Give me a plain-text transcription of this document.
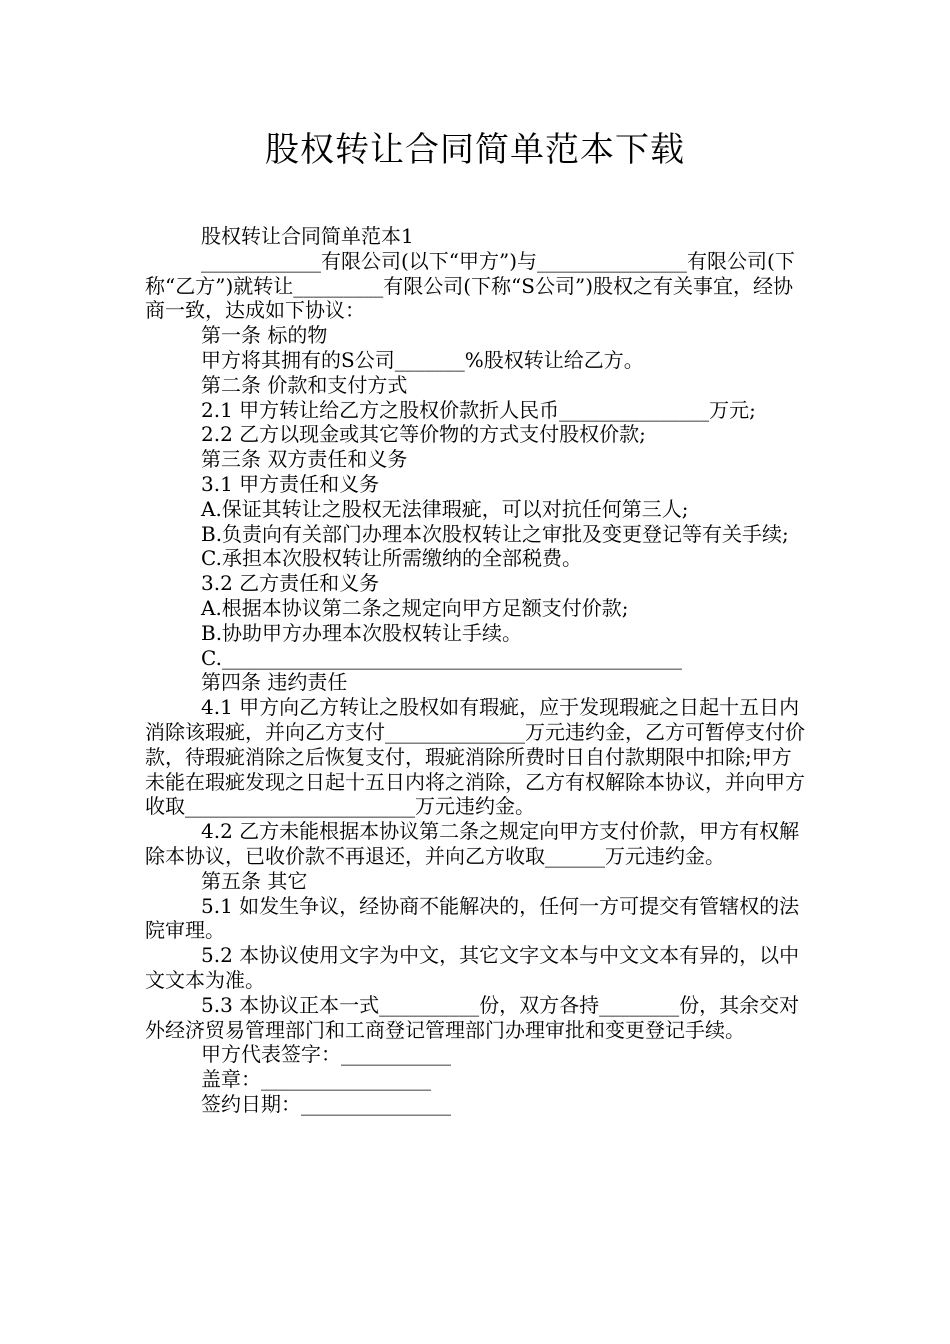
股权转让合同简单范本下载

股权转让合同简单范本1

____________有限公司(以下“甲方”)与_______________有限公司(下称“乙方”)就转让_________有限公司(下称“S公司”)股权之有关事宜，经协商一致，达成如下协议：

第一条 标的物

甲方将其拥有的S公司_______%股权转让给乙方。

第二条 价款和支付方式

2.1 甲方转让给乙方之股权价款折人民币_______________万元;

2.2 乙方以现金或其它等价物的方式支付股权价款;

第三条 双方责任和义务

3.1 甲方责任和义务

A.保证其转让之股权无法律瑕疵，可以对抗任何第三人;

B.负责向有关部门办理本次股权转让之审批及变更登记等有关手续;

C.承担本次股权转让所需缴纳的全部税费。

3.2 乙方责任和义务

A.根据本协议第二条之规定向甲方足额支付价款;

B.协助甲方办理本次股权转让手续。

C.______________________________________________

第四条 违约责任

4.1 甲方向乙方转让之股权如有瑕疵，应于发现瑕疵之日起十五日内消除该瑕疵，并向乙方支付______________万元违约金，乙方可暂停支付价款，待瑕疵消除之后恢复支付，瑕疵消除所费时日自付款期限中扣除;甲方未能在瑕疵发现之日起十五日内将之消除，乙方有权解除本协议，并向甲方收取_______________________万元违约金。

4.2 乙方未能根据本协议第二条之规定向甲方支付价款，甲方有权解除本协议，已收价款不再退还，并向乙方收取______万元违约金。

第五条 其它

5.1 如发生争议，经协商不能解决的，任何一方可提交有管辖权的法院审理。

5.2 本协议使用文字为中文，其它文字文本与中文文本有异的，以中文文本为准。

5.3 本协议正本一式__________份，双方各持________份，其余交对外经济贸易管理部门和工商登记管理部门办理审批和变更登记手续。

甲方代表签字：___________

盖章：_________________

签约日期：_______________
